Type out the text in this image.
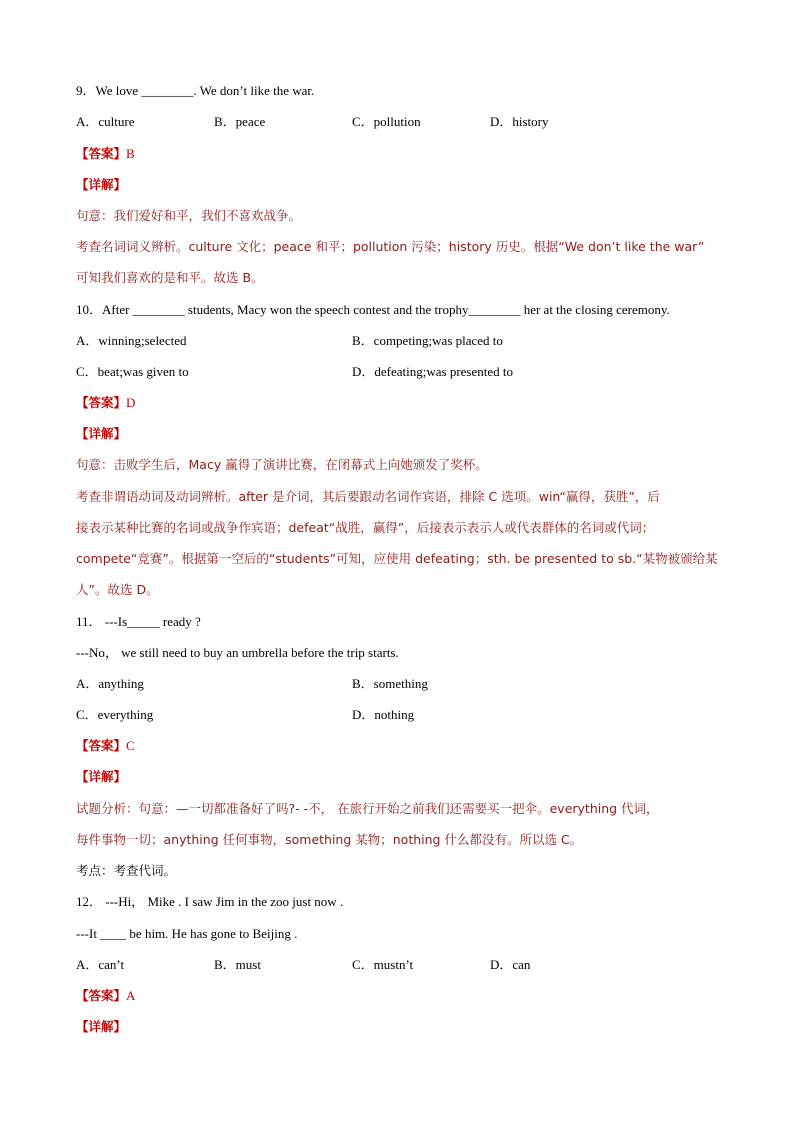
9．We love ________. We don’t like the war.
A．culture	B．peace	C．pollution	D．history
【答案】B
【详解】
句意：我们爱好和平，我们不喜欢战争。
考查名词词义辨析。culture 文化；peace 和平；pollution 污染；history 历史。根据“We don’t like the war”
可知我们喜欢的是和平。故选 B。
10．After ________ students, Macy won the speech contest and the trophy________ her at the closing ceremony.
A．winning;selected	B．competing;was placed to
C．beat;was given to	D．defeating;was presented to
【答案】D
【详解】
句意：击败学生后，Macy 赢得了演讲比赛，在闭幕式上向她颁发了奖杯。
考查非谓语动词及动词辨析。after 是介词，其后要跟动名词作宾语，排除 C 选项。win“赢得，获胜”，后
接表示某种比赛的名词或战争作宾语；defeat“战胜，赢得”，后接表示表示人或代表群体的名词或代词；
compete“竞赛”。根据第一空后的“students”可知，应使用 defeating；sth. be presented to sb.“某物被颁给某
人”。故选 D。
11． ---Is_____ ready ?
---No， we still need to buy an umbrella before the trip starts.
A．anything	B．something
C．everything	D．nothing
【答案】C
【详解】
试题分析：句意：—一切都准备好了吗?- -不， 在旅行开始之前我们还需要买一把伞。everything 代词，
每件事物一切；anything 任何事物，something 某物；nothing 什么都没有。所以选 C。
考点：考查代词。
12． ---Hi， Mike . I saw Jim in the zoo just now .
---It ____ be him. He has gone to Beijing .
A．can’t	B．must	C．mustn’t	D．can
【答案】A
【详解】
